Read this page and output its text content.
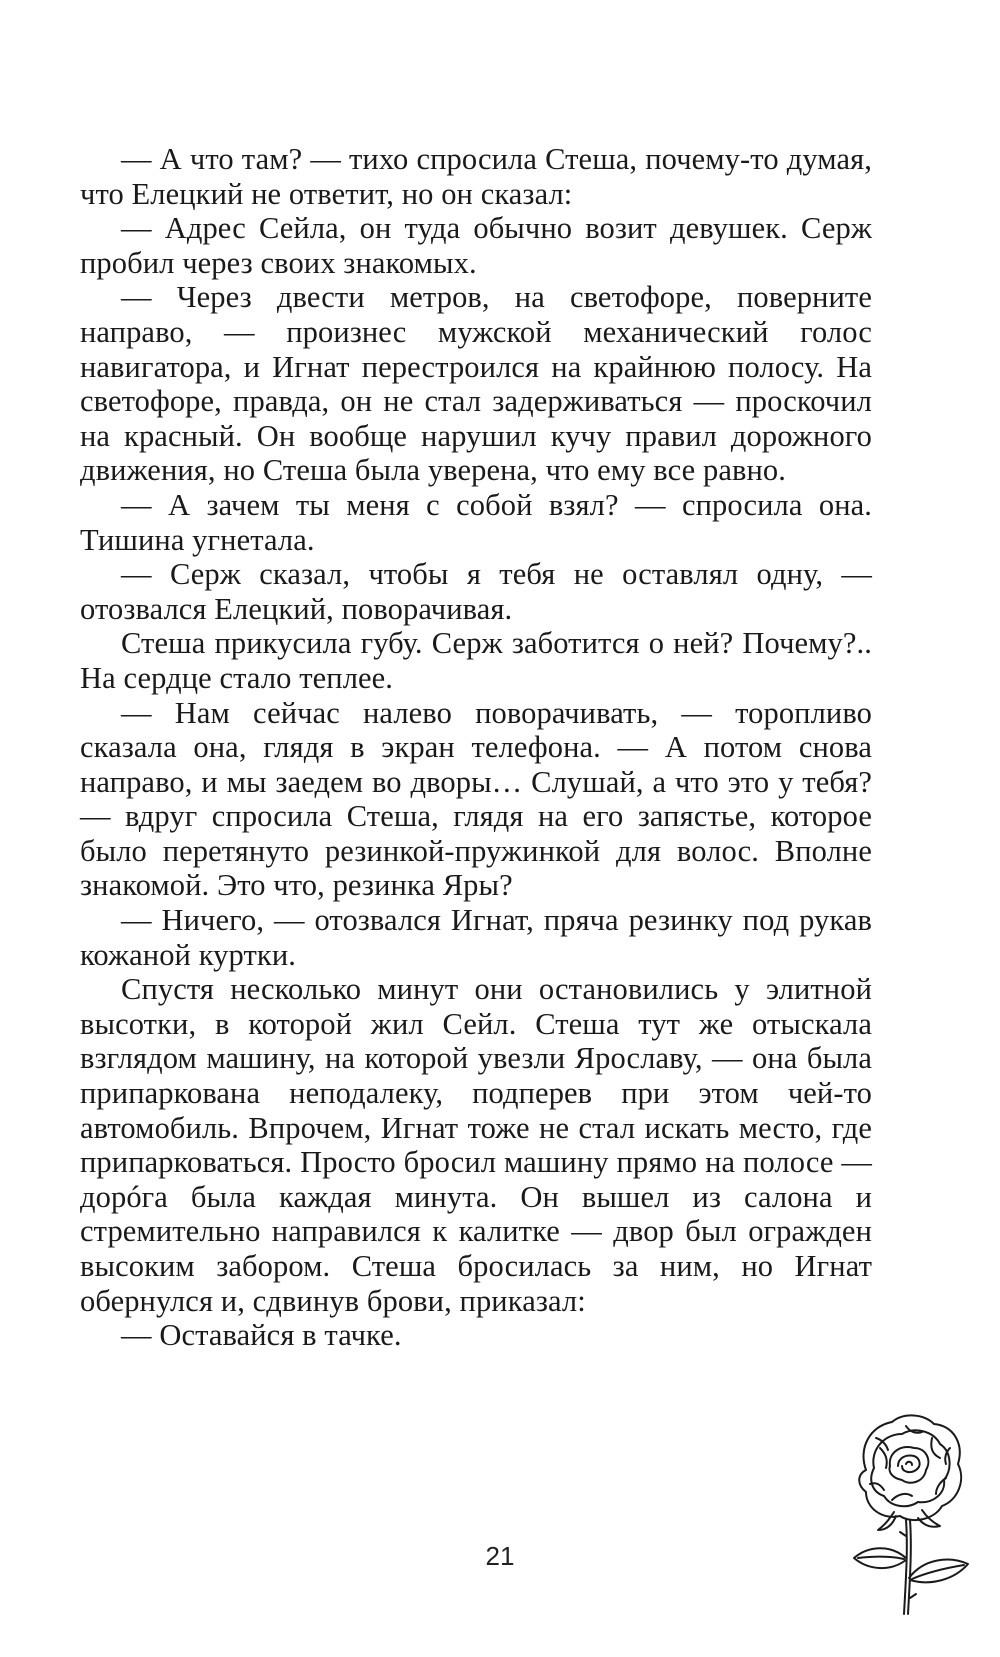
— А что там? — тихо спросила Стеша, почему-то думая, что Елецкий не ответит, но он сказал:

— Адрес Сейла, он туда обычно возит девушек. Серж пробил через своих знакомых.

— Через двести метров, на светофоре, поверните направо, — произнес мужской механический голос навигатора, и Игнат перестроился на крайнюю полосу. На светофоре, правда, он не стал задерживаться — проскочил на красный. Он вообще нарушил кучу правил дорожного движения, но Стеша была уверена, что ему все равно.

— А зачем ты меня с собой взял? — спросила она. Тишина угнетала.

— Серж сказал, чтобы я тебя не оставлял одну, — отозвался Елецкий, поворачивая.

Стеша прикусила губу. Серж заботится о ней? Почему?.. На сердце стало теплее.

— Нам сейчас налево поворачивать, — торопливо сказала она, глядя в экран телефона. — А потом снова направо, и мы заедем во дворы… Слушай, а что это у тебя? — вдруг спросила Стеша, глядя на его запястье, которое было перетянуто резинкой-пружинкой для волос. Вполне знакомой. Это что, резинка Яры?

— Ничего, — отозвался Игнат, пряча резинку под рукав кожаной куртки.

Спустя несколько минут они остановились у элитной высотки, в которой жил Сейл. Стеша тут же отыскала взглядом машину, на которой увезли Ярославу, — она была припаркована неподалеку, подперев при этом чей-то автомобиль. Впрочем, Игнат тоже не стал искать место, где припарковаться. Просто бросил машину прямо на полосе — дорóга была каждая минута. Он вышел из салона и стремительно направился к калитке — двор был огражден высоким забором. Стеша бросилась за ним, но Игнат обернулся и, сдвинув брови, приказал:

— Оставайся в тачке.

21
